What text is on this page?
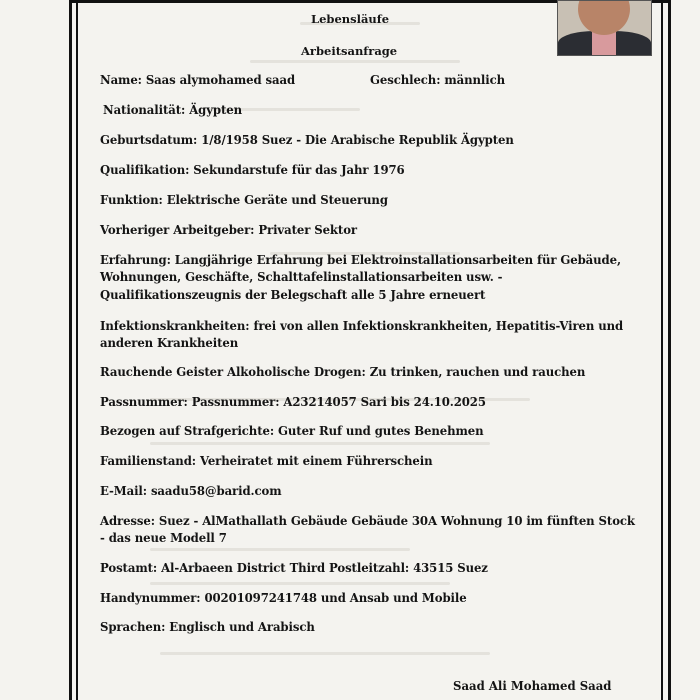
Lebensläufe
Arbeitsanfrage
Name: Saas alymohamed saad	Geschlech: männlich
Nationalität: Ägypten
Geburtsdatum: 1/8/1958 Suez - Die Arabische Republik Ägypten
Qualifikation: Sekundarstufe für das Jahr 1976
Funktion: Elektrische Geräte und Steuerung
Vorheriger Arbeitgeber: Privater Sektor
Erfahrung: Langjährige Erfahrung bei Elektroinstallationsarbeiten für Gebäude,
Wohnungen, Geschäfte, Schalttafelinstallationsarbeiten usw. -
Qualifikationszeugnis der Belegschaft alle 5 Jahre erneuert
Infektionskrankheiten: frei von allen Infektionskrankheiten, Hepatitis-Viren und
anderen Krankheiten
Rauchende Geister Alkoholische Drogen: Zu trinken, rauchen und rauchen
Passnummer: Passnummer: A23214057 Sari bis 24.10.2025
Bezogen auf Strafgerichte: Guter Ruf und gutes Benehmen
Familienstand: Verheiratet mit einem Führerschein
E-Mail: saadu58@barid.com
Adresse: Suez - AlMathallath Gebäude Gebäude 30A Wohnung 10 im fünften Stock
- das neue Modell 7
Postamt: Al-Arbaeen District Third Postleitzahl: 43515 Suez
Handynummer: 00201097241748 und Ansab und Mobile
Sprachen: Englisch und Arabisch
Saad Ali Mohamed Saad
